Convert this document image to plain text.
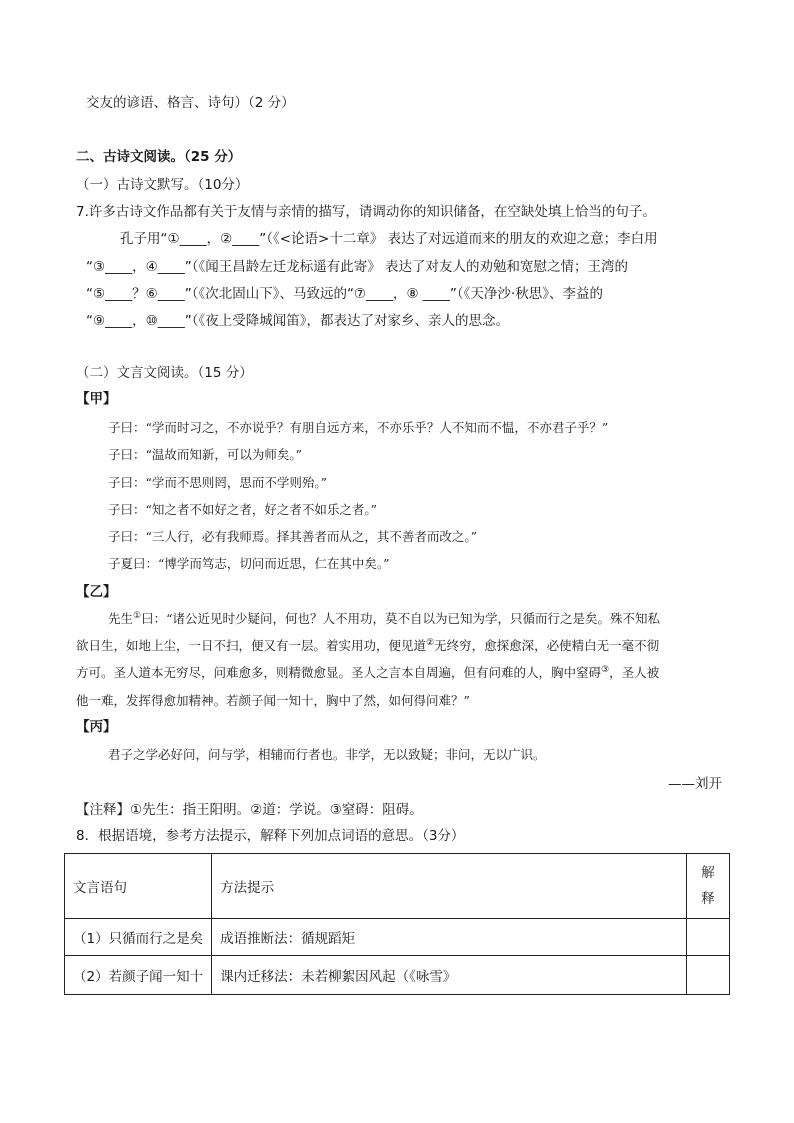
交友的谚语、格言、诗句）（2 分）
二、古诗文阅读。（25 分）
（一）古诗文默写。（10分）
7.许多古诗文作品都有关于友情与亲情的描写，请调动你的知识储备，在空缺处填上恰当的句子。
孔子用“①____，②____”（《<论语>十二章》 表达了对远道而来的朋友的欢迎之意；李白用
“③____，④____”（《闻王昌龄左迁龙标遥有此寄》 表达了对友人的劝勉和宽慰之情；王湾的
“⑤____？⑥____”（《次北固山下》、马致远的“⑦____，⑧ ____”（《天净沙·秋思》、李益的
“⑨____，⑩____”（《夜上受降城闻笛》，都表达了对家乡、亲人的思念。
（二）文言文阅读。（15 分）
【甲】
子曰：“学而时习之，不亦说乎？有朋自远方来，不亦乐乎？人不知而不愠，不亦君子乎？”
子曰：“温故而知新，可以为师矣。”
子曰：“学而不思则罔，思而不学则殆。”
子曰：“知之者不如好之者，好之者不如乐之者。”
子曰：“三人行，必有我师焉。择其善者而从之，其不善者而改之。”
子夏曰：“博学而笃志，切问而近思，仁在其中矣。”
【乙】
先生①曰：“诸公近见时少疑问，何也？人不用功，莫不自以为已知为学，只循而行之是矣。殊不知私
欲日生，如地上尘，一日不扫，便又有一层。着实用功，便见道②无终穷，愈探愈深，必使精白无一毫不彻
方可。圣人道本无穷尽，问难愈多，则精微愈显。圣人之言本自周遍，但有问难的人，胸中窒碍③，圣人被
他一难，发挥得愈加精神。若颜子闻一知十，胸中了然，如何得问难？”
【丙】
君子之学必好问，问与学，相辅而行者也。非学，无以致疑；非问，无以广识。
——刘开
【注释】①先生：指王阳明。②道：学说。③窒碍：阻碍。
8．根据语境，参考方法提示，解释下列加点词语的意思。（3分）
文言语句	方法提示	解
释
（1）只循而行之是矣	成语推断法：循规蹈矩	
（2）若颜子闻一知十	课内迁移法：未若柳絮因风起（《咏雪》	
